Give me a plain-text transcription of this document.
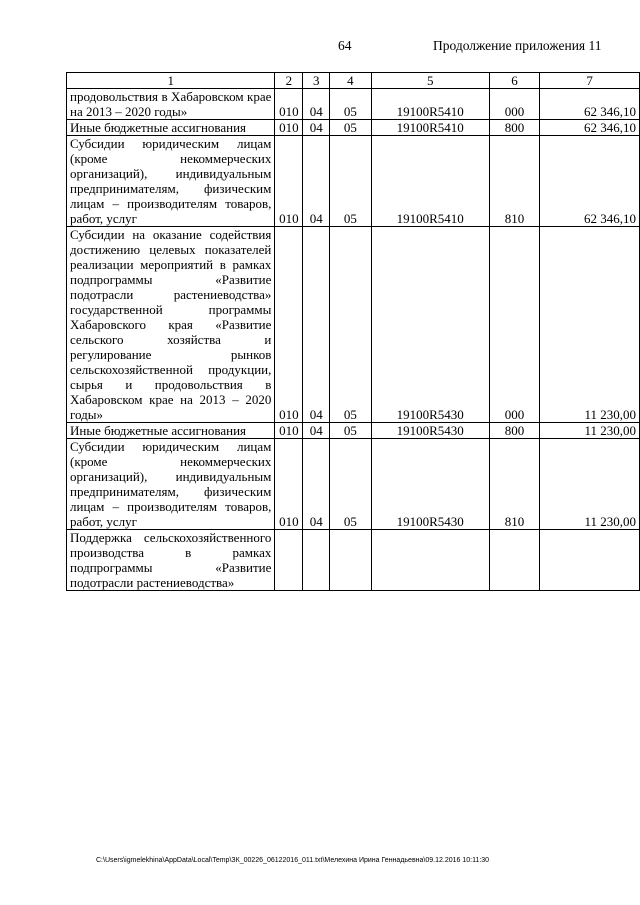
64	Продолжение приложения 11
1	2	3	4	5	6	7
продовольствия в Хабаровском крае на 2013 – 2020 годы»	010	04	05	19100R5410	000	62 346,10
Иные бюджетные ассигнования	010	04	05	19100R5410	800	62 346,10
Субсидии юридическим лицам (кроме некоммерческих организаций), индивидуальным предпринимателям, физическим лицам – производителям товаров, работ, услуг	010	04	05	19100R5410	810	62 346,10
Субсидии на оказание содействия достижению целевых показателей реализации мероприятий в рамках подпрограммы «Развитие подотрасли растениеводства» государственной программы Хабаровского края «Развитие сельского хозяйства и регулирование рынков сельскохозяйственной продукции, сырья и продовольствия в Хабаровском крае на 2013 – 2020 годы»	010	04	05	19100R5430	000	11 230,00
Иные бюджетные ассигнования	010	04	05	19100R5430	800	11 230,00
Субсидии юридическим лицам (кроме некоммерческих организаций), индивидуальным предпринимателям, физическим лицам – производителям товаров, работ, услуг	010	04	05	19100R5430	810	11 230,00
Поддержка сельскохозяйственного производства в рамках подпрограммы «Развитие подотрасли растениеводства»						
C:\Users\igmelekhina\AppData\Local\Temp\ЗК_00226_06122016_011.txt\Мелехина Ирина Геннадьевна\09.12.2016 10:11:30
